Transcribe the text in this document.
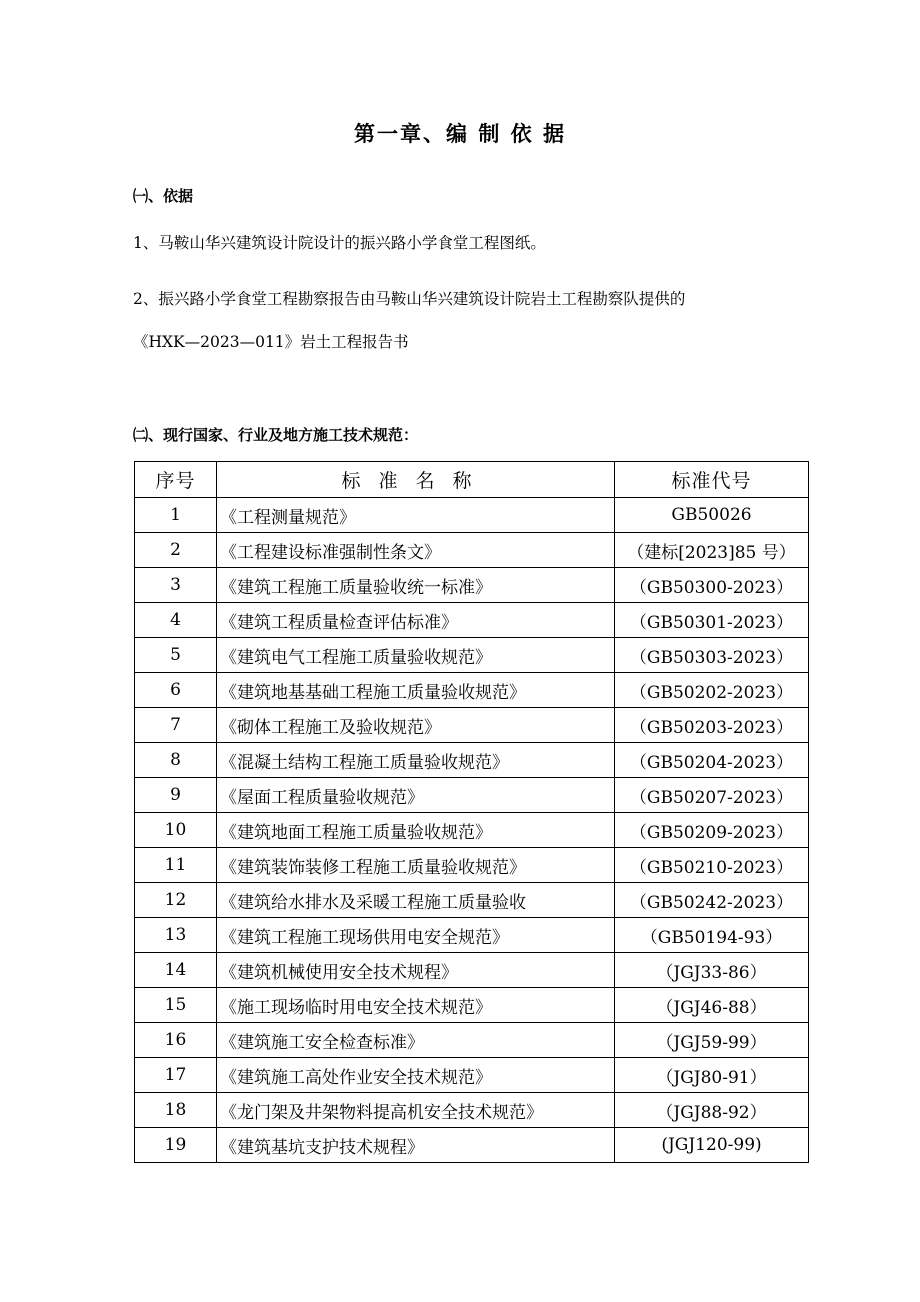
第一章、编 制 依 据
㈠、依据
1、马鞍山华兴建筑设计院设计的振兴路小学食堂工程图纸。
2、振兴路小学食堂工程勘察报告由马鞍山华兴建筑设计院岩土工程勘察队提供的
《HXK—2023—011》岩土工程报告书
㈡、现行国家、行业及地方施工技术规范：
序号	标准名称	标准代号
1	《工程测量规范》	GB50026
2	《工程建设标准强制性条文》	（建标[2023]85 号）
3	《建筑工程施工质量验收统一标准》	（GB50300-2023）
4	《建筑工程质量检查评估标准》	（GB50301-2023）
5	《建筑电气工程施工质量验收规范》	（GB50303-2023）
6	《建筑地基基础工程施工质量验收规范》	（GB50202-2023）
7	《砌体工程施工及验收规范》	（GB50203-2023）
8	《混凝土结构工程施工质量验收规范》	（GB50204-2023）
9	《屋面工程质量验收规范》	（GB50207-2023）
10	《建筑地面工程施工质量验收规范》	（GB50209-2023）
11	《建筑装饰装修工程施工质量验收规范》	（GB50210-2023）
12	《建筑给水排水及采暖工程施工质量验收	（GB50242-2023）
13	《建筑工程施工现场供用电安全规范》	（GB50194-93）
14	《建筑机械使用安全技术规程》	（JGJ33-86）
15	《施工现场临时用电安全技术规范》	（JGJ46-88）
16	《建筑施工安全检查标准》	（JGJ59-99）
17	《建筑施工高处作业安全技术规范》	（JGJ80-91）
18	《龙门架及井架物料提高机安全技术规范》	（JGJ88-92）
19	《建筑基坑支护技术规程》	(JGJ120-99)
